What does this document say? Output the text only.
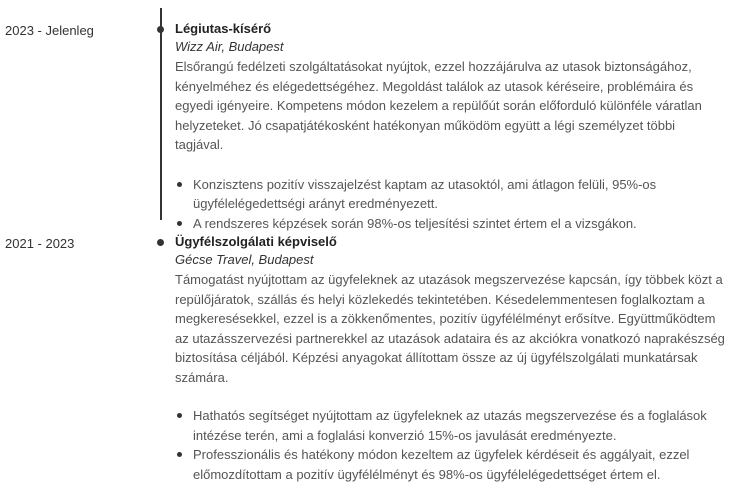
2023 - Jelenleg	Légiutas-kísérő
Wizz Air, Budapest
Elsőrangú fedélzeti szolgáltatásokat nyújtok, ezzel hozzájárulva az utasok biztonságához, kényelméhez és elégedettségéhez. Megoldást találok az utasok kéréseire, problémáira és egyedi igényeire. Kompetens módon kezelem a repülőút során előforduló különféle váratlan helyzeteket. Jó csapatjátékosként hatékonyan működöm együtt a légi személyzet többi tagjával.
Konzisztens pozitív visszajelzést kaptam az utasoktól, ami átlagon felüli, 95%-os ügyfélelégedettségi arányt eredményezett.
A rendszeres képzések során 98%-os teljesítési szintet értem el a vizsgákon.
2021 - 2023	Ügyfélszolgálati képviselő
Gécse Travel, Budapest
Támogatást nyújtottam az ügyfeleknek az utazások megszervezése kapcsán, így többek közt a repülőjáratok, szállás és helyi közlekedés tekintetében. Késedelemmentesen foglalkoztam a megkeresésekkel, ezzel is a zökkenőmentes, pozitív ügyfélélményt erősítve. Együttműködtem az utazásszervezési partnerekkel az utazások adataira és az akciókra vonatkozó naprakészség biztosítása céljából. Képzési anyagokat állítottam össze az új ügyfélszolgálati munkatársak számára.
Hathatós segítséget nyújtottam az ügyfeleknek az utazás megszervezése és a foglalások intézése terén, ami a foglalási konverzió 15%-os javulását eredményezte.
Professzionális és hatékony módon kezeltem az ügyfelek kérdéseit és aggályait, ezzel előmozdítottam a pozitív ügyfélélményt és 98%-os ügyfélelégedettséget értem el.
